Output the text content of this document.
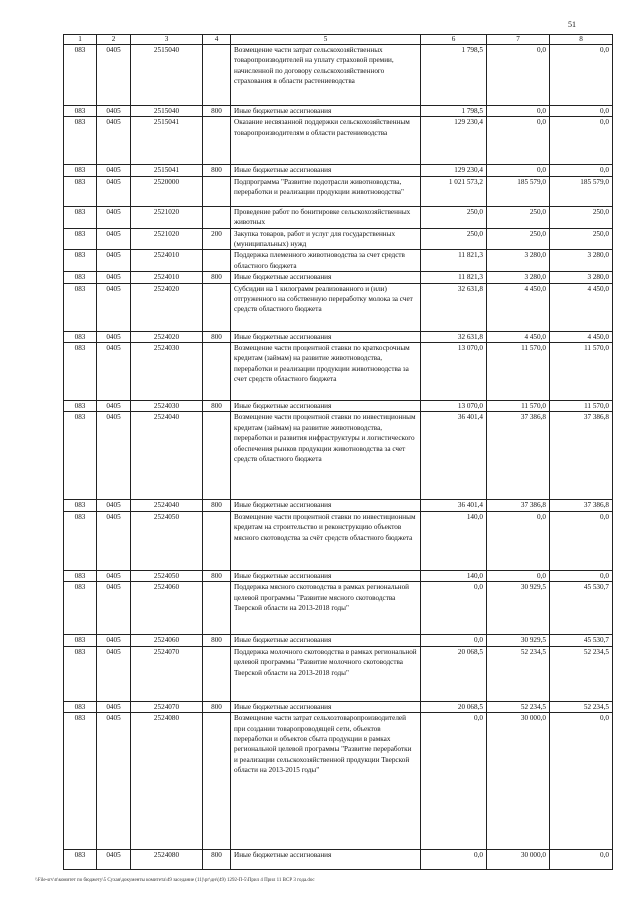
51
1	2	3	4	5	6	7	8
083	0405	2515040		Возмещение части затрат сельскохозяйственных товаропроизводителей на уплату страховой премии, начисленной по договору сельскохозяйственного страхования в области растениеводства	1 798,5	0,0	0,0
083	0405	2515040	800	Иные бюджетные ассигнования	1 798,5	0,0	0,0
083	0405	2515041		Оказание несвязанной поддержки сельскохозяйственным товаропроизводителям в области растениеводства	129 230,4	0,0	0,0
083	0405	2515041	800	Иные бюджетные ассигнования	129 230,4	0,0	0,0
083	0405	2520000		Подпрограмма "Развитие подотрасли животноводства, переработки и реализации продукции животноводства"	1 021 573,2	185 579,0	185 579,0
083	0405	2521020		Проведение работ по бонитировке сельскохозяйственных животных	250,0	250,0	250,0
083	0405	2521020	200	Закупка товаров, работ и услуг для государственных (муниципальных) нужд	250,0	250,0	250,0
083	0405	2524010		Поддержка племенного животноводства за счет средств областного бюджета	11 821,3	3 280,0	3 280,0
083	0405	2524010	800	Иные бюджетные ассигнования	11 821,3	3 280,0	3 280,0
083	0405	2524020		Субсидии на 1 килограмм реализованного и (или) отгруженного на собственную переработку молока за счет средств областного бюджета	32 631,8	4 450,0	4 450,0
083	0405	2524020	800	Иные бюджетные ассигнования	32 631,8	4 450,0	4 450,0
083	0405	2524030		Возмещение части процентной ставки по краткосрочным кредитам (займам) на развитие животноводства, переработки и реализации продукции животноводства за счет средств областного бюджета	13 070,0	11 570,0	11 570,0
083	0405	2524030	800	Иные бюджетные ассигнования	13 070,0	11 570,0	11 570,0
083	0405	2524040		Возмещение части процентной ставки по инвестиционным кредитам (займам) на развитие животноводства, переработки и развития инфраструктуры и логистического обеспечения рынков продукции животноводства за счет средств областного бюджета	36 401,4	37 386,8	37 386,8
083	0405	2524040	800	Иные бюджетные ассигнования	36 401,4	37 386,8	37 386,8
083	0405	2524050		Возмещение части процентной ставки по инвестиционным кредитам на строительство и реконструкцию объектов мясного скотоводства за счёт средств областного бюджета	140,0	0,0	0,0
083	0405	2524050	800	Иные бюджетные ассигнования	140,0	0,0	0,0
083	0405	2524060		Поддержка мясного скотоводства в рамках региональной целевой программы "Развитие мясного скотоводства Тверской области на 2013-2018 годы"	0,0	30 929,5	45 530,7
083	0405	2524060	800	Иные бюджетные ассигнования	0,0	30 929,5	45 530,7
083	0405	2524070		Поддержка молочного скотоводства в рамках региональной целевой программы "Развитие молочного скотоводства Тверской области на 2013-2018 годы"	20 068,5	52 234,5	52 234,5
083	0405	2524070	800	Иные бюджетные ассигнования	20 068,5	52 234,5	52 234,5
083	0405	2524080		Возмещение части затрат сельхозтоваропроизводителей при создании товаропроводящей сети, объектов переработки и объектов сбыта продукции в рамках региональной целевой программы "Развитие переработки и реализации сельскохозяйственной продукции Тверской области на 2013-2015 годы"	0,0	30 000,0	0,0
083	0405	2524080	800	Иные бюджетные ассигнования	0,0	30 000,0	0,0
\\File-srv\п\комитет по бюджету\5 Сухая\документы комитета\49 заседание (11)\рг\дн\(49) 1292-П-5\Прил 4 Прил 11 ВСР 3 года.doc
